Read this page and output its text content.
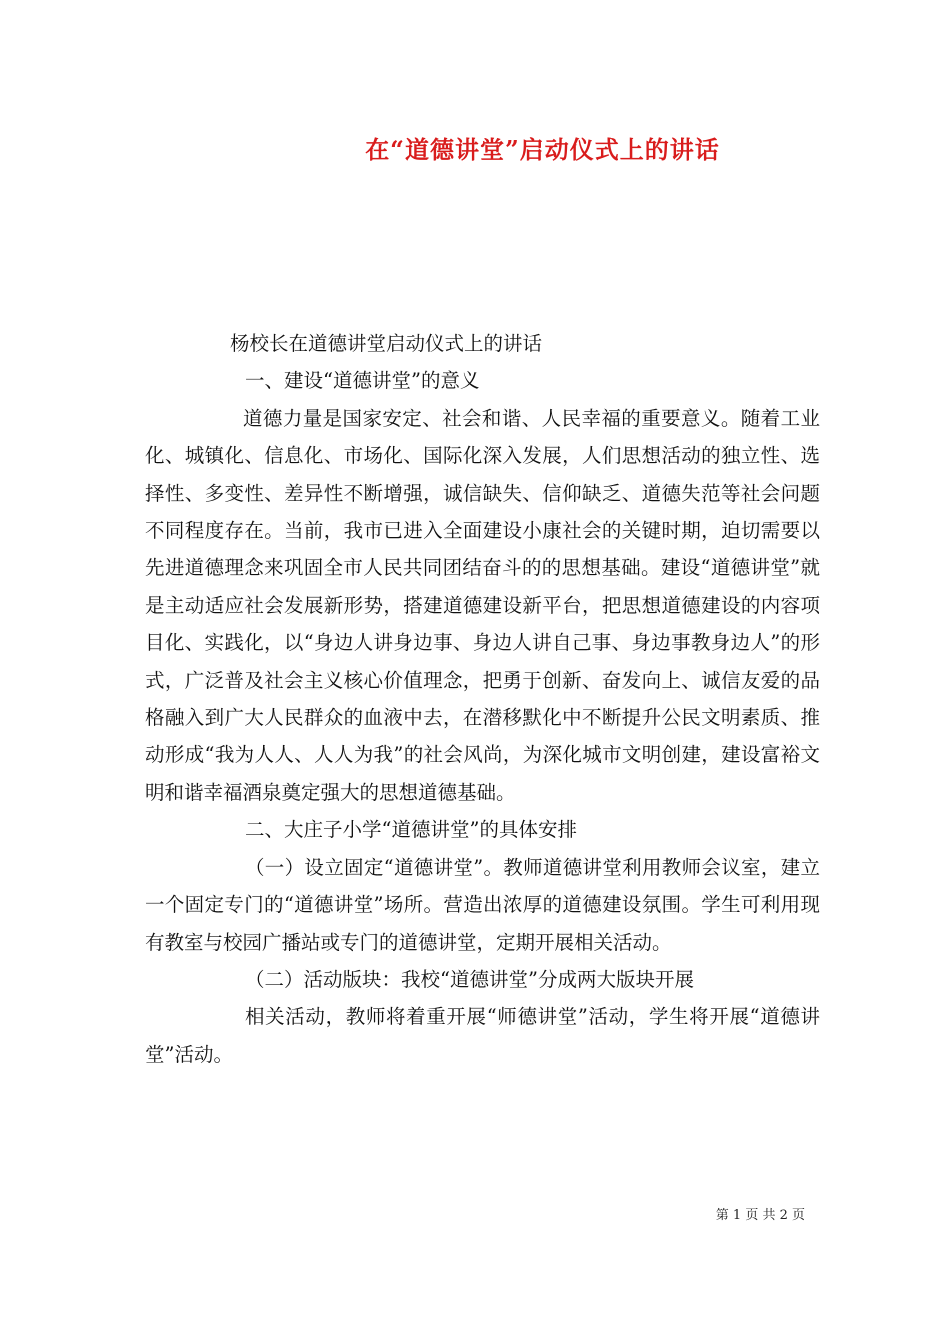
在“道德讲堂”启动仪式上的讲话

杨校长在道德讲堂启动仪式上的讲话

一、建设“道德讲堂”的意义

道德力量是国家安定、社会和谐、人民幸福的重要意义。随着工业化、城镇化、信息化、市场化、国际化深入发展，人们思想活动的独立性、选择性、多变性、差异性不断增强，诚信缺失、信仰缺乏、道德失范等社会问题不同程度存在。当前，我市已进入全面建设小康社会的关键时期，迫切需要以先进道德理念来巩固全市人民共同团结奋斗的的思想基础。建设“道德讲堂”就是主动适应社会发展新形势，搭建道德建设新平台，把思想道德建设的内容项目化、实践化，以“身边人讲身边事、身边人讲自己事、身边事教身边人”的形式，广泛普及社会主义核心价值理念，把勇于创新、奋发向上、诚信友爱的品格融入到广大人民群众的血液中去，在潜移默化中不断提升公民文明素质、推动形成“我为人人、人人为我”的社会风尚，为深化城市文明创建，建设富裕文明和谐幸福酒泉奠定强大的思想道德基础。

二、大庄子小学“道德讲堂”的具体安排

（一）设立固定“道德讲堂”。教师道德讲堂利用教师会议室，建立一个固定专门的“道德讲堂”场所。营造出浓厚的道德建设氛围。学生可利用现有教室与校园广播站或专门的道德讲堂，定期开展相关活动。

（二）活动版块：我校“道德讲堂”分成两大版块开展

相关活动，教师将着重开展“师德讲堂”活动，学生将开展“道德讲堂”活动。

第 1 页 共 2 页
